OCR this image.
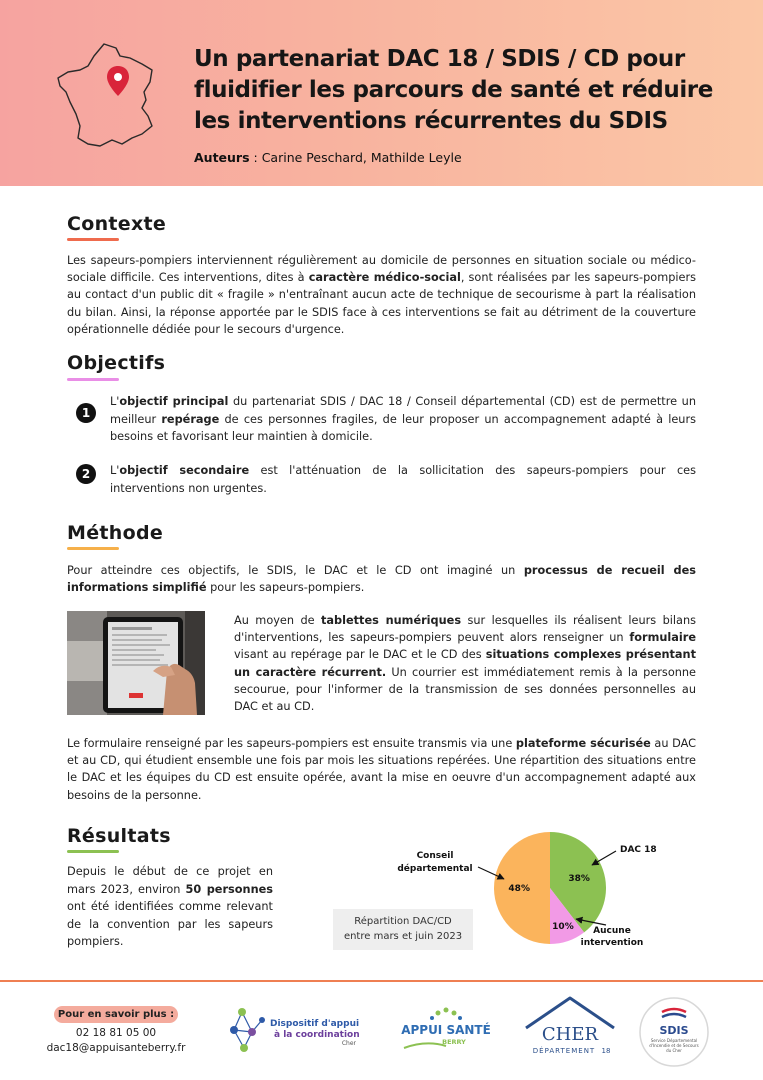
Un partenariat DAC 18 / SDIS / CD pour fluidifier les parcours de santé et réduire les interventions récurrentes du SDIS
Auteurs : Carine Peschard, Mathilde Leyle
Contexte
Les sapeurs-pompiers interviennent régulièrement au domicile de personnes en situation sociale ou médico-sociale difficile. Ces interventions, dites à caractère médico-social, sont réalisées par les sapeurs-pompiers au contact d'un public dit « fragile » n'entraînant aucun acte de technique de secourisme à part la réalisation du bilan. Ainsi, la réponse apportée par le SDIS face à ces interventions se fait au détriment de la couverture opérationnelle dédiée pour le secours d'urgence.
Objectifs
1
L'objectif principal du partenariat SDIS / DAC 18 / Conseil départemental (CD) est de permettre un meilleur repérage de ces personnes fragiles, de leur proposer un accompagnement adapté à leurs besoins et favorisant leur maintien à domicile.
2	L'objectif secondaire est l'atténuation de la sollicitation des sapeurs-pompiers pour ces interventions non urgentes.
Méthode
Pour atteindre ces objectifs, le SDIS, le DAC et le CD ont imaginé un processus de recueil des informations simplifié pour les sapeurs-pompiers.
Au moyen de tablettes numériques sur lesquelles ils réalisent leurs bilans d'interventions, les sapeurs-pompiers peuvent alors renseigner un formulaire visant au repérage par le DAC et le CD des situations complexes présentant un caractère récurrent. Un courrier est immédiatement remis à la personne secourue, pour l'informer de la transmission de ses données personnelles au DAC et au CD.
Le formulaire renseigné par les sapeurs-pompiers est ensuite transmis via une plateforme sécurisée au DAC et au CD, qui étudient ensemble une fois par mois les situations repérées. Une répartition des situations entre le DAC et les équipes du CD est ensuite opérée, avant la mise en oeuvre d'un accompagnement adapté aux besoins de la personne.
Résultats
Depuis le début de ce projet en mars 2023, environ 50 personnes ont été identifiées comme relevant de la convention par les sapeurs pompiers.
Répartition DAC/CD
entre mars et juin 2023
38%
10%
48%
DAC 18
Aucune
intervention
Conseil
départemental
Pour en savoir plus :
02 18 81 05 00
dac18@appuisanteberry.fr
Dispositif d'appui
à la coordination
Cher
APPUI SANTÉ
BERRY	CHER
DÉPARTEMENT 18
SDIS
Service Départemental
d'Incendie et de Secours
du Cher
